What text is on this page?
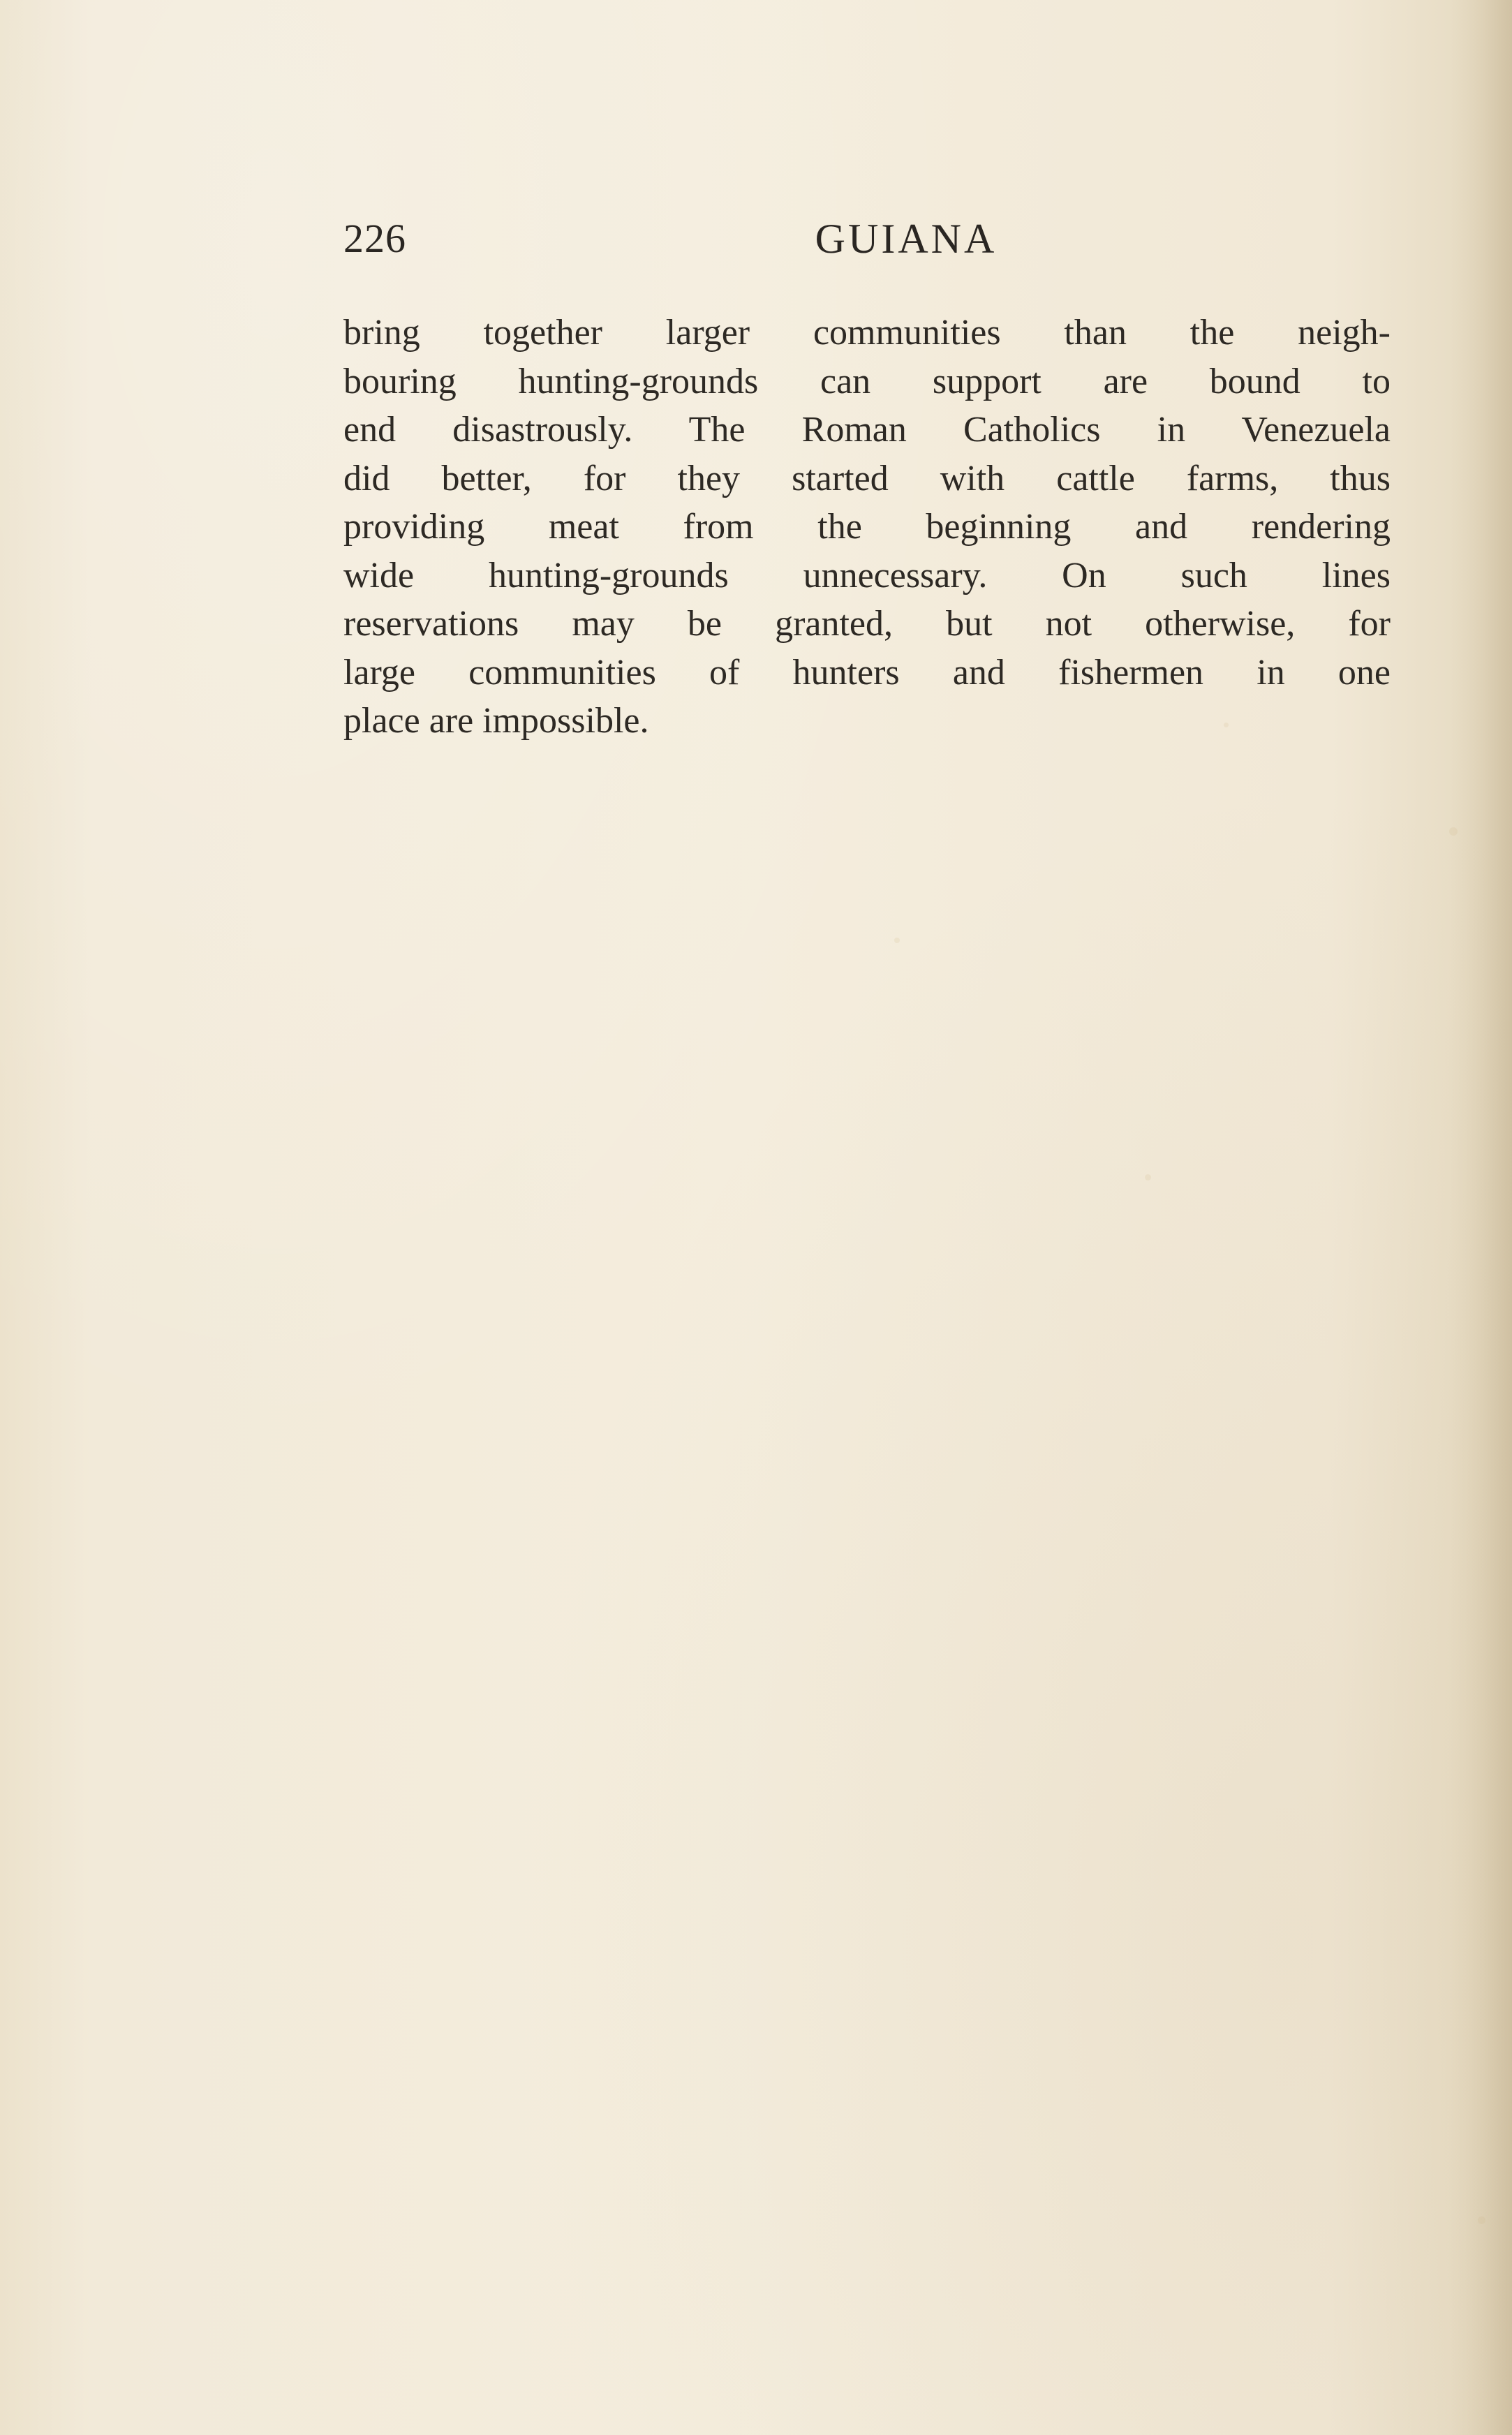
226	GUIANA
bring together larger communities than the neigh-
bouring hunting-grounds can support are bound to
end disastrously. The Roman Catholics in Venezuela
did better, for they started with cattle farms, thus
providing meat from the beginning and rendering
wide hunting-grounds unnecessary. On such lines
reservations may be granted, but not otherwise, for
large communities of hunters and fishermen in one
place are impossible.
